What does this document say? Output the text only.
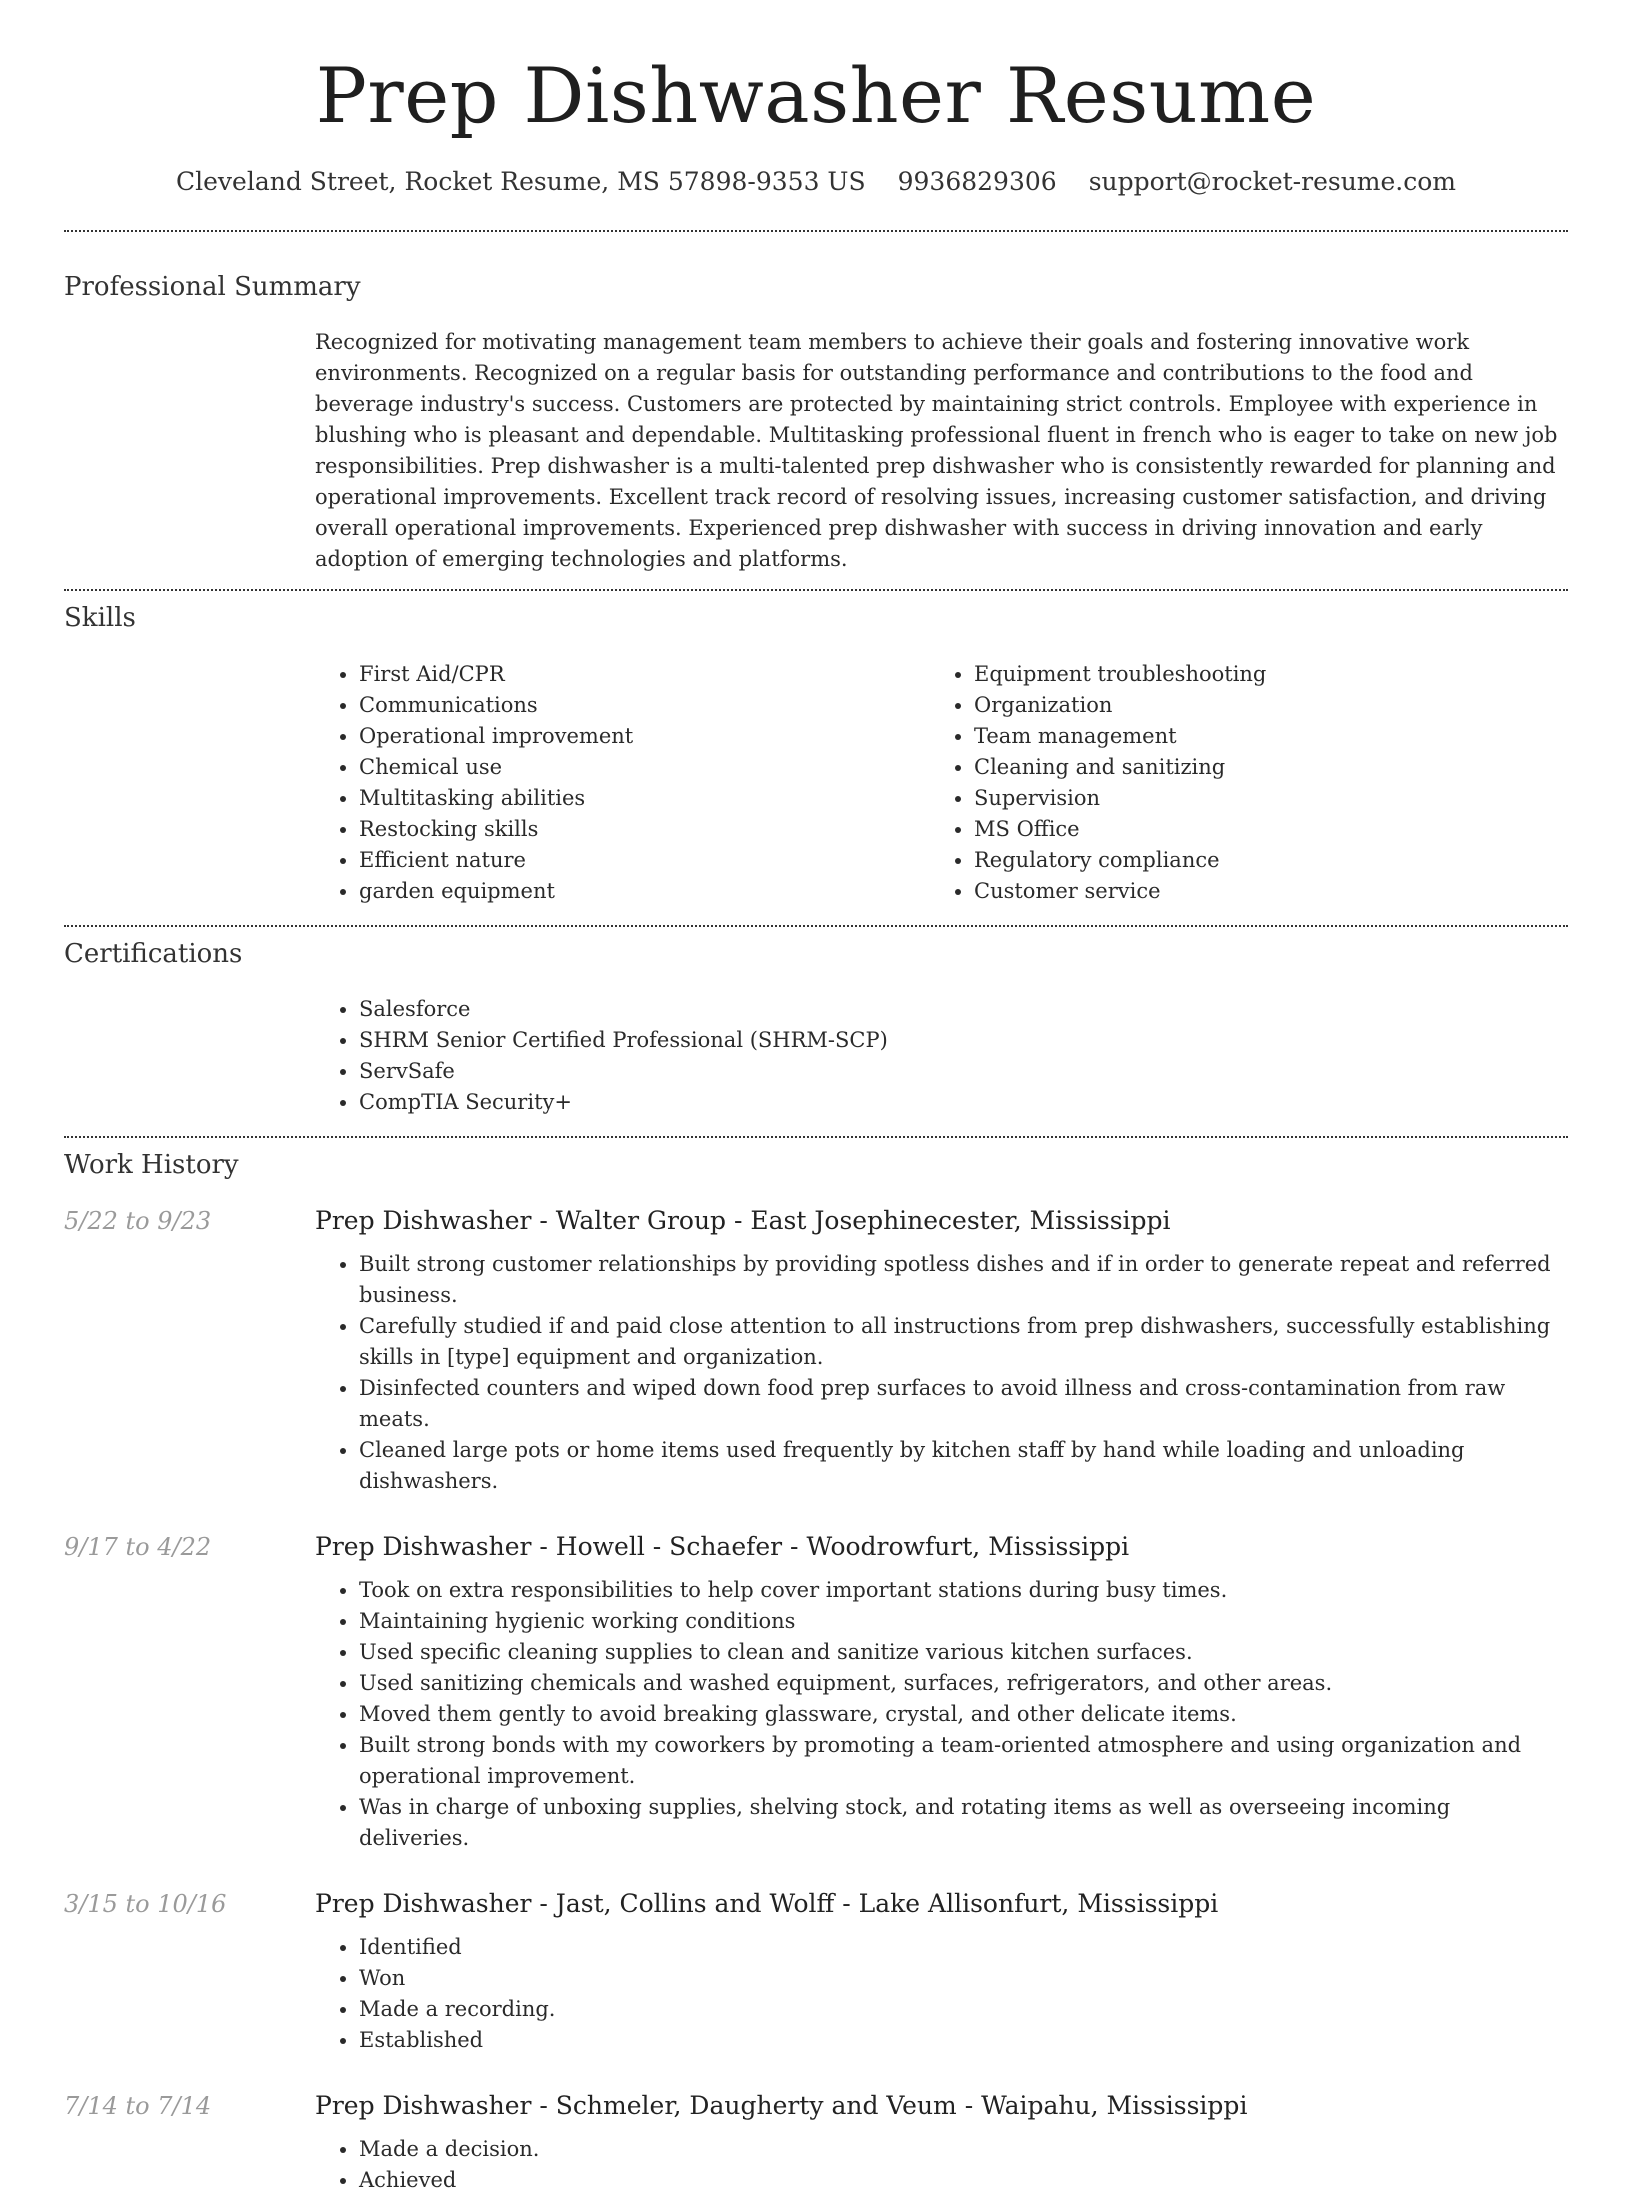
Prep Dishwasher Resume
Cleveland Street, Rocket Resume, MS 57898-9353 US 9936829306 support@rocket-resume.com
Professional Summary

Recognized for motivating management team members to achieve their goals and fostering innovative work environments. Recognized on a regular basis for outstanding performance and contributions to the food and beverage industry's success. Customers are protected by maintaining strict controls. Employee with experience in blushing who is pleasant and dependable. Multitasking professional fluent in french who is eager to take on new job responsibilities. Prep dishwasher is a multi-talented prep dishwasher who is consistently rewarded for planning and operational improvements. Excellent track record of resolving issues, increasing customer satisfaction, and driving overall operational improvements. Experienced prep dishwasher with success in driving innovation and early adoption of emerging technologies and platforms.

Skills
• First Aid/CPR
• Communications
• Operational improvement
• Chemical use
• Multitasking abilities
• Restocking skills
• Efficient nature
• garden equipment
• Equipment troubleshooting
• Organization
• Team management
• Cleaning and sanitizing
• Supervision
• MS Office
• Regulatory compliance
• Customer service
Certifications
• Salesforce
• SHRM Senior Certified Professional (SHRM-SCP)
• ServSafe
• CompTIA Security+
Work History
5/22 to 9/23	Prep Dishwasher - Walter Group - East Josephinecester, Mississippi
• Built strong customer relationships by providing spotless dishes and if in order to generate repeat and referred business.
• Carefully studied if and paid close attention to all instructions from prep dishwashers, successfully establishing skills in [type] equipment and organization.
• Disinfected counters and wiped down food prep surfaces to avoid illness and cross-contamination from raw meats.
• Cleaned large pots or home items used frequently by kitchen staff by hand while loading and unloading dishwashers.
9/17 to 4/22	Prep Dishwasher - Howell - Schaefer - Woodrowfurt, Mississippi
• Took on extra responsibilities to help cover important stations during busy times.
• Maintaining hygienic working conditions
• Used specific cleaning supplies to clean and sanitize various kitchen surfaces.
• Used sanitizing chemicals and washed equipment, surfaces, refrigerators, and other areas.
• Moved them gently to avoid breaking glassware, crystal, and other delicate items.
• Built strong bonds with my coworkers by promoting a team-oriented atmosphere and using organization and operational improvement.
• Was in charge of unboxing supplies, shelving stock, and rotating items as well as overseeing incoming deliveries.
3/15 to 10/16	Prep Dishwasher - Jast, Collins and Wolff - Lake Allisonfurt, Mississippi
• Identified
• Won
• Made a recording.
• Established
7/14 to 7/14	Prep Dishwasher - Schmeler, Daugherty and Veum - Waipahu, Mississippi
• Made a decision.
• Achieved
